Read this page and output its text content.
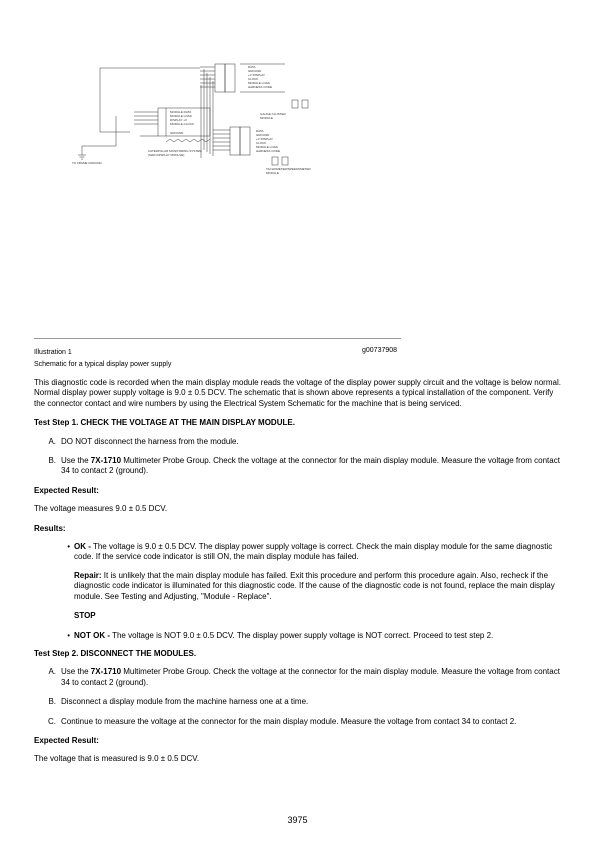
DATA
GROUND
+V DISPLAY
CLOCK
MODULE LOAD
HARNESS CODE
GAUGE CLUSTER
MODULE
DATA
GROUND
+V DISPLAY
CLOCK
MODULE LOAD
HARNESS CODE
TACHOMETER/SPEEDOMETER
MODULE
MODULE DATA
MODULE LOAD
DISPLAY +V
MODULE CLOCK
GROUND
CATERPILLAR MONITORING SYSTEM
(MAIN DISPLAY MODULE)
TO FRAME GROUND
Illustration 1
Schematic for a typical display power supply
g00737908

This diagnostic code is recorded when the main display module reads the voltage of the display power supply circuit and the voltage is below normal. Normal display power supply voltage is 9.0 ± 0.5 DCV. The schematic that is shown above represents a typical installation of the component. Verify the connector contact and wire numbers by using the Electrical System Schematic for the machine that is being serviced.

Test Step 1. CHECK THE VOLTAGE AT THE MAIN DISPLAY MODULE.

A. DO NOT disconnect the harness from the module.
B. Use the 7X-1710 Multimeter Probe Group. Check the voltage at the connector for the main display module. Measure the voltage from contact 34 to contact 2 (ground).

Expected Result:

The voltage measures 9.0 ± 0.5 DCV.

Results:

• OK - The voltage is 9.0 ± 0.5 DCV. The display power supply voltage is correct. Check the main display module for the same diagnostic code. If the service code indicator is still ON, the main display module has failed.

Repair: It is unlikely that the main display module has failed. Exit this procedure and perform this procedure again. Also, recheck if the diagnostic code indicator is illuminated for this diagnostic code. If the cause of the diagnostic code is not found, replace the main display module. See Testing and Adjusting, "Module - Replace".

STOP

• NOT OK - The voltage is NOT 9.0 ± 0.5 DCV. The display power supply voltage is NOT correct. Proceed to test step 2.

Test Step 2. DISCONNECT THE MODULES.

A. Use the 7X-1710 Multimeter Probe Group. Check the voltage at the connector for the main display module. Measure the voltage from contact 34 to contact 2 (ground).
B. Disconnect a display module from the machine harness one at a time.
C. Continue to measure the voltage at the connector for the main display module. Measure the voltage from contact 34 to contact 2.

Expected Result:

The voltage that is measured is 9.0 ± 0.5 DCV.

3975
